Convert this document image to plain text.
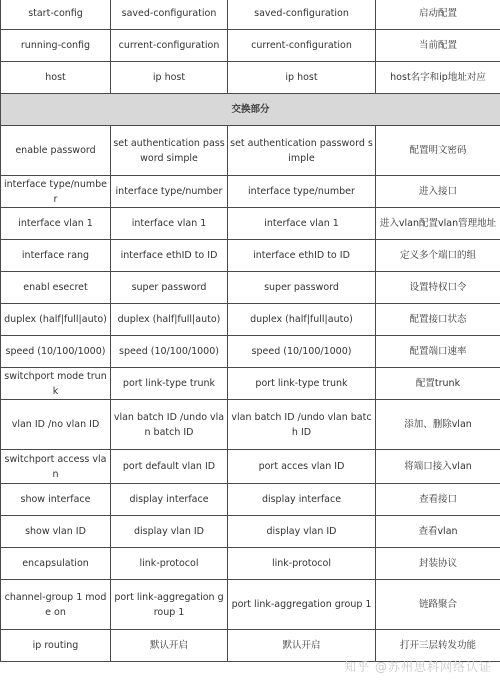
start-config	saved-configuration	saved-configuration	启动配置
running-config	current-configuration	current-configuration	当前配置
host	ip host	ip host	host名字和ip地址对应
交换部分			
enable password	set authentication password simple	set authentication password simple	配置明文密码
interface type/number	interface type/number	interface type/number	进入接口
interface vlan 1	interface vlan 1	interface vlan 1	进入vlan配置vlan管理地址
interface rang	interface ethID to ID	interface ethID to ID	定义多个端口的组
enabl esecret	super password	super password	设置特权口令
duplex (half|full|auto)	duplex (half|full|auto)	duplex (half|full|auto)	配置接口状态
speed (10/100/1000)	speed (10/100/1000)	speed (10/100/1000)	配置端口速率
switchport mode trunk	port link-type trunk	port link-type trunk	配置trunk
vlan ID /no vlan ID	vlan batch ID /undo vlan batch ID	vlan batch ID /undo vlan batch ID	添加、删除vlan
switchport access vlan	port default vlan ID	port acces vlan ID	将端口接入vlan
show interface	display interface	display interface	查看接口
show vlan ID	display vlan ID	display vlan ID	查看vlan
encapsulation	link-protocol	link-protocol	封装协议
channel-group 1 mode on	port link-aggregation group 1	port link-aggregation group 1	链路聚合
ip routing	默认开启	默认开启	打开三层转发功能
知乎 @苏州思科网络认证
